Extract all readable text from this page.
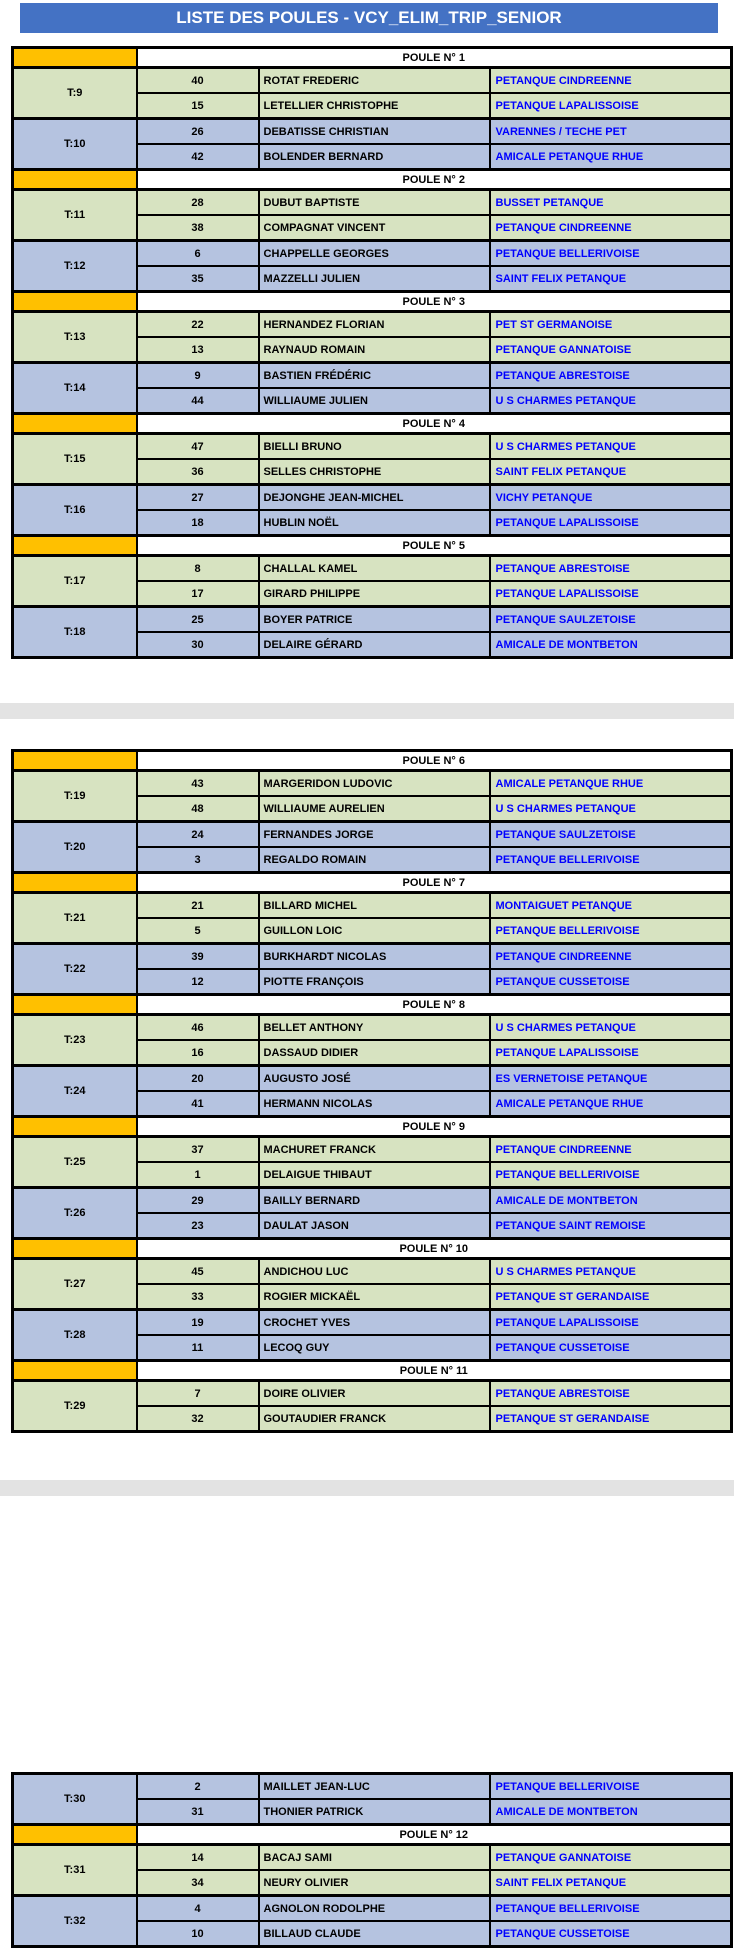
LISTE DES POULES - VCY_ELIM_TRIP_SENIOR
	POULE N° 1		
T:9	40	ROTAT FREDERIC	PETANQUE CINDREENNE
	15	LETELLIER CHRISTOPHE	PETANQUE LAPALISSOISE
T:10	26	DEBATISSE CHRISTIAN	VARENNES / TECHE PET
	42	BOLENDER BERNARD	AMICALE PETANQUE RHUE
	POULE N° 2		
T:11	28	DUBUT BAPTISTE	BUSSET PETANQUE
	38	COMPAGNAT VINCENT	PETANQUE CINDREENNE
T:12	6	CHAPPELLE GEORGES	PETANQUE BELLERIVOISE
	35	MAZZELLI JULIEN	SAINT FELIX PETANQUE
	POULE N° 3		
T:13	22	HERNANDEZ FLORIAN	PET ST GERMANOISE
	13	RAYNAUD ROMAIN	PETANQUE GANNATOISE
T:14	9	BASTIEN FRÉDÉRIC	PETANQUE ABRESTOISE
	44	WILLIAUME JULIEN	U S CHARMES PETANQUE
	POULE N° 4		
T:15	47	BIELLI BRUNO	U S CHARMES PETANQUE
	36	SELLES CHRISTOPHE	SAINT FELIX PETANQUE
T:16	27	DEJONGHE JEAN-MICHEL	VICHY PETANQUE
	18	HUBLIN NOËL	PETANQUE LAPALISSOISE
	POULE N° 5		
T:17	8	CHALLAL KAMEL	PETANQUE ABRESTOISE
	17	GIRARD PHILIPPE	PETANQUE LAPALISSOISE
T:18	25	BOYER PATRICE	PETANQUE SAULZETOISE
	30	DELAIRE GÉRARD	AMICALE DE MONTBETON
	POULE N° 6		
T:19	43	MARGERIDON LUDOVIC	AMICALE PETANQUE RHUE
	48	WILLIAUME AURELIEN	U S CHARMES PETANQUE
T:20	24	FERNANDES JORGE	PETANQUE SAULZETOISE
	3	REGALDO ROMAIN	PETANQUE BELLERIVOISE
	POULE N° 7		
T:21	21	BILLARD MICHEL	MONTAIGUET PETANQUE
	5	GUILLON LOIC	PETANQUE BELLERIVOISE
T:22	39	BURKHARDT NICOLAS	PETANQUE CINDREENNE
	12	PIOTTE FRANÇOIS	PETANQUE CUSSETOISE
	POULE N° 8		
T:23	46	BELLET ANTHONY	U S CHARMES PETANQUE
	16	DASSAUD DIDIER	PETANQUE LAPALISSOISE
T:24	20	AUGUSTO JOSÉ	ES VERNETOISE PETANQUE
	41	HERMANN NICOLAS	AMICALE PETANQUE RHUE
	POULE N° 9		
T:25	37	MACHURET FRANCK	PETANQUE CINDREENNE
	1	DELAIGUE THIBAUT	PETANQUE BELLERIVOISE
T:26	29	BAILLY BERNARD	AMICALE DE MONTBETON
	23	DAULAT JASON	PETANQUE SAINT REMOISE
	POULE N° 10		
T:27	45	ANDICHOU LUC	U S CHARMES PETANQUE
	33	ROGIER MICKAËL	PETANQUE ST GERANDAISE
T:28	19	CROCHET YVES	PETANQUE LAPALISSOISE
	11	LECOQ GUY	PETANQUE CUSSETOISE
	POULE N° 11		
T:29	7	DOIRE OLIVIER	PETANQUE ABRESTOISE
	32	GOUTAUDIER FRANCK	PETANQUE ST GERANDAISE
T:30	2	MAILLET JEAN-LUC	PETANQUE BELLERIVOISE
	31	THONIER PATRICK	AMICALE DE MONTBETON
	POULE N° 12		
T:31	14	BACAJ SAMI	PETANQUE GANNATOISE
	34	NEURY OLIVIER	SAINT FELIX PETANQUE
T:32	4	AGNOLON RODOLPHE	PETANQUE BELLERIVOISE
	10	BILLAUD CLAUDE	PETANQUE CUSSETOISE
